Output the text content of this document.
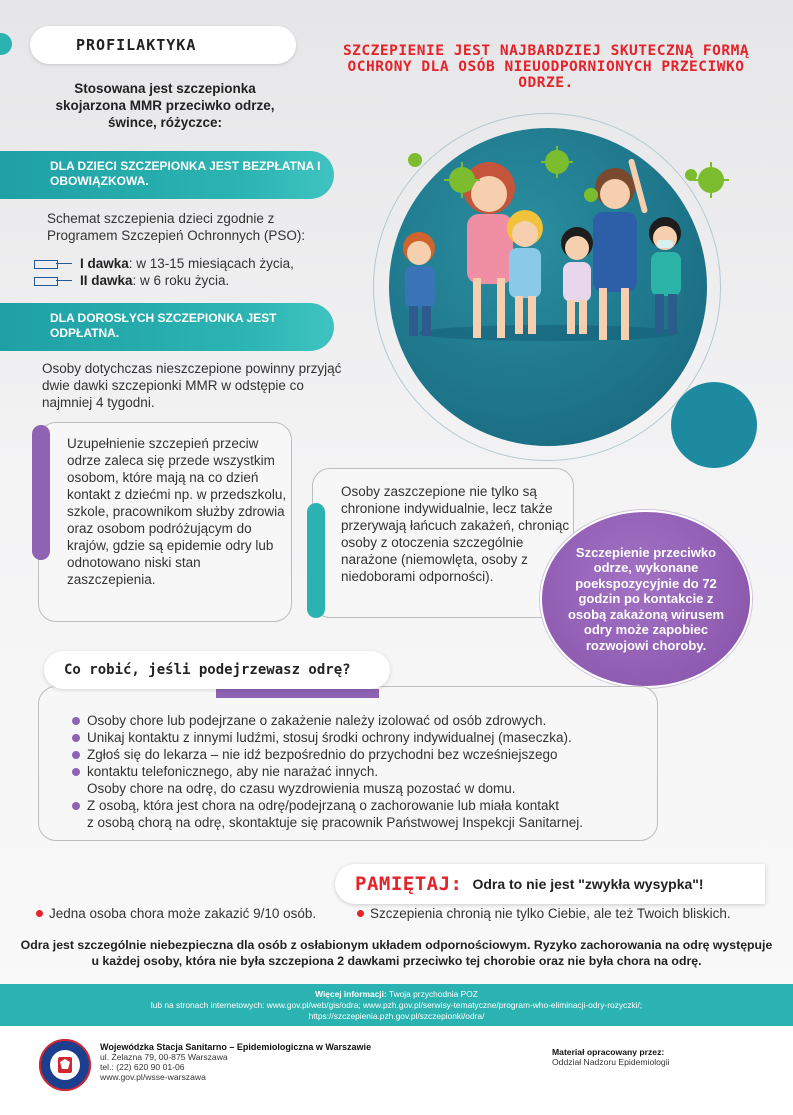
PROFILAKTYKA
Stosowana jest szczepionka skojarzona MMR przeciwko odrze, śwince, różyczce:
SZCZEPIENIE JEST NAJBARDZIEJ SKUTECZNĄ FORMĄ OCHRONY DLA OSÓB NIEUODPORNIONYCH PRZECIWKO ODRZE.
DLA DZIECI SZCZEPIONKA JEST BEZPŁATNA I OBOWIĄZKOWA.
Schemat szczepienia dzieci zgodnie z Programem Szczepień Ochronnych (PSO):
I dawka : w 13-15 miesiącach życia,
II dawka : w 6 roku życia.
DLA DOROSŁYCH SZCZEPIONKA JEST ODPŁATNA.
Osoby dotychczas nieszczepione powinny przyjąć dwie dawki szczepionki MMR w odstępie co najmniej 4 tygodni.
Uzupełnienie szczepień przeciw odrze zaleca się przede wszystkim osobom, które mają na co dzień kontakt z dziećmi np. w przedszkolu, szkole, pracownikom służby zdrowia oraz osobom podróżującym do krajów, gdzie są epidemie odry lub odnotowano niski stan zaszczepienia.
Osoby zaszczepione nie tylko są chronione indywidualnie, lecz także przerywają łańcuch zakażeń, chroniąc osoby z otoczenia szczególnie narażone (niemowlęta, osoby z niedoborami odporności).
Szczepienie przeciwko odrze, wykonane poekspozycyjnie do 72 godzin po kontakcie z osobą zakażoną wirusem odry może zapobiec rozwojowi choroby.
Co robić, jeśli podejrzewasz odrę?
Osoby chore lub podejrzane o zakażenie należy izolować od osób zdrowych.
Unikaj kontaktu z innymi ludźmi, stosuj środki ochrony indywidualnej (maseczka).
Zgłoś się do lekarza – nie idź bezpośrednio do przychodni bez wcześniejszego
kontaktu telefonicznego, aby nie narażać innych.
Osoby chore na odrę, do czasu wyzdrowienia muszą pozostać w domu.
Z osobą, która jest chora na odrę/podejrzaną o zachorowanie lub miała kontakt
z osobą chorą na odrę, skontaktuje się pracownik Państwowej Inspekcji Sanitarnej.
PAMIĘTAJ: Odra to nie jest "zwykła wysypka"!
Jedna osoba chora może zakazić 9/10 osób.	Szczepienia chronią nie tylko Ciebie, ale też Twoich bliskich.
Odra jest szczególnie niebezpieczna dla osób z osłabionym układem odpornościowym. Ryzyko zachorowania na odrę występuje u każdej osoby, która nie była szczepiona 2 dawkami przeciwko tej chorobie oraz nie była chora na odrę.
Więcej informacji: Twoja przychodnia POZ
lub na stronach internetowych: www.gov.pl/web/gis/odra; www.pzh.gov.pl/serwisy-tematyczne/program-who-eliminacji-odry-rozyczki/;
https://szczepienia.pzh.gov.pl/szczepionki/odra/
Wojewódzka Stacja Sanitarno – Epidemiologiczna w Warszawie
ul. Żelazna 79, 00-875 Warszawa
tel.: (22) 620 90 01-06
www.gov.pl/wsse-warszawa
Materiał opracowany przez:
Oddział Nadzoru Epidemiologii
